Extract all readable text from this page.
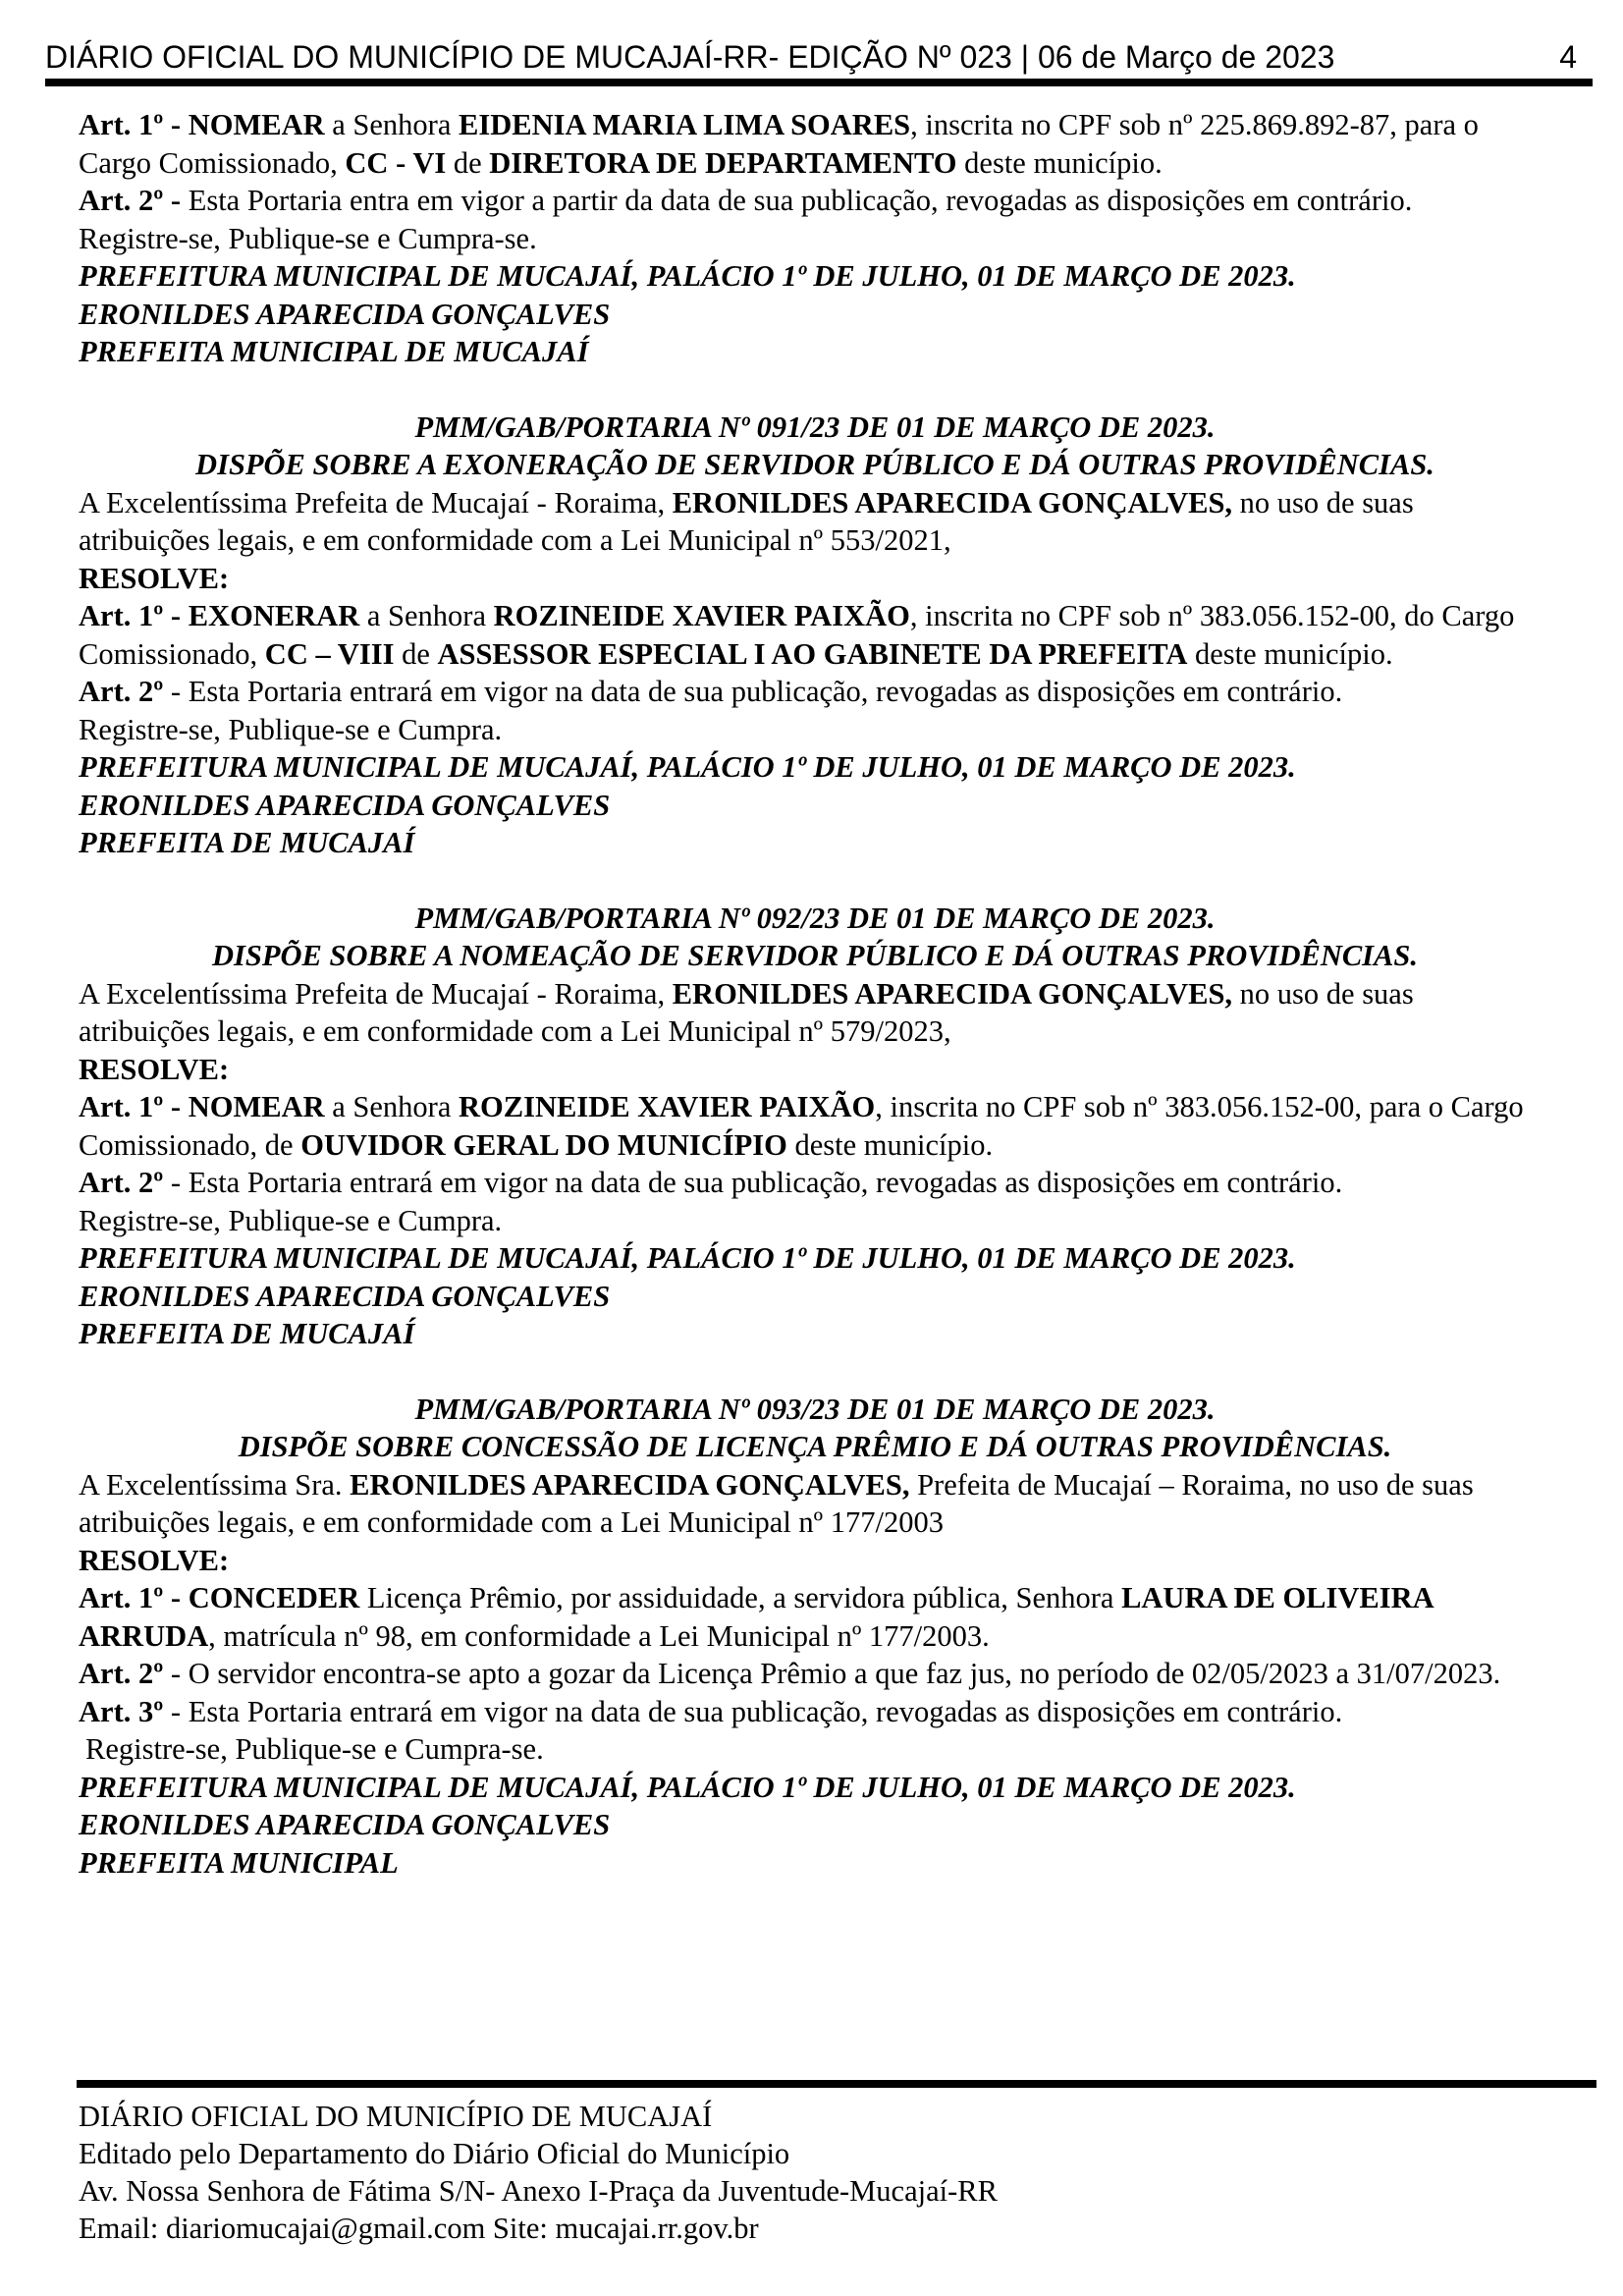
DIÁRIO OFICIAL DO MUNICÍPIO DE MUCAJAÍ-RR- EDIÇÃO Nº 023 | 06 de Março de 2023	4

Art. 1º - NOMEAR a Senhora EIDENIA MARIA LIMA SOARES, inscrita no CPF sob nº 225.869.892-87, para o Cargo Comissionado, CC - VI de DIRETORA DE DEPARTAMENTO deste município.

Art. 2º - Esta Portaria entra em vigor a partir da data de sua publicação, revogadas as disposições em contrário.

Registre-se, Publique-se e Cumpra-se.

PREFEITURA MUNICIPAL DE MUCAJAÍ, PALÁCIO 1º DE JULHO, 01 DE MARÇO DE 2023.

ERONILDES APARECIDA GONÇALVES

PREFEITA MUNICIPAL DE MUCAJAÍ

PMM/GAB/PORTARIA Nº 091/23 DE 01 DE MARÇO DE 2023.

DISPÕE SOBRE A EXONERAÇÃO DE SERVIDOR PÚBLICO E DÁ OUTRAS PROVIDÊNCIAS.

A Excelentíssima Prefeita de Mucajaí - Roraima, ERONILDES APARECIDA GONÇALVES, no uso de suas atribuições legais, e em conformidade com a Lei Municipal nº 553/2021,

RESOLVE:

Art. 1º - EXONERAR a Senhora ROZINEIDE XAVIER PAIXÃO, inscrita no CPF sob nº 383.056.152-00, do Cargo Comissionado, CC – VIII de ASSESSOR ESPECIAL I AO GABINETE DA PREFEITA deste município.

Art. 2º - Esta Portaria entrará em vigor na data de sua publicação, revogadas as disposições em contrário.

Registre-se, Publique-se e Cumpra.

PREFEITURA MUNICIPAL DE MUCAJAÍ, PALÁCIO 1º DE JULHO, 01 DE MARÇO DE 2023.

ERONILDES APARECIDA GONÇALVES

PREFEITA DE MUCAJAÍ

PMM/GAB/PORTARIA Nº 092/23 DE 01 DE MARÇO DE 2023.

DISPÕE SOBRE A NOMEAÇÃO DE SERVIDOR PÚBLICO E DÁ OUTRAS PROVIDÊNCIAS.

A Excelentíssima Prefeita de Mucajaí - Roraima, ERONILDES APARECIDA GONÇALVES, no uso de suas atribuições legais, e em conformidade com a Lei Municipal nº 579/2023,

RESOLVE:

Art. 1º - NOMEAR a Senhora ROZINEIDE XAVIER PAIXÃO, inscrita no CPF sob nº 383.056.152-00, para o Cargo Comissionado, de OUVIDOR GERAL DO MUNICÍPIO deste município.

Art. 2º - Esta Portaria entrará em vigor na data de sua publicação, revogadas as disposições em contrário.

Registre-se, Publique-se e Cumpra.

PREFEITURA MUNICIPAL DE MUCAJAÍ, PALÁCIO 1º DE JULHO, 01 DE MARÇO DE 2023.

ERONILDES APARECIDA GONÇALVES

PREFEITA DE MUCAJAÍ

PMM/GAB/PORTARIA Nº 093/23 DE 01 DE MARÇO DE 2023.

DISPÕE SOBRE CONCESSÃO DE LICENÇA PRÊMIO E DÁ OUTRAS PROVIDÊNCIAS.

A Excelentíssima Sra. ERONILDES APARECIDA GONÇALVES, Prefeita de Mucajaí – Roraima, no uso de suas atribuições legais, e em conformidade com a Lei Municipal nº 177/2003

RESOLVE:

Art. 1º - CONCEDER Licença Prêmio, por assiduidade, a servidora pública, Senhora LAURA DE OLIVEIRA ARRUDA, matrícula nº 98, em conformidade a Lei Municipal nº 177/2003.

Art. 2º - O servidor encontra-se apto a gozar da Licença Prêmio a que faz jus, no período de 02/05/2023 a 31/07/2023.

Art. 3º - Esta Portaria entrará em vigor na data de sua publicação, revogadas as disposições em contrário.

Registre-se, Publique-se e Cumpra-se.

PREFEITURA MUNICIPAL DE MUCAJAÍ, PALÁCIO 1º DE JULHO, 01 DE MARÇO DE 2023.

ERONILDES APARECIDA GONÇALVES

PREFEITA MUNICIPAL

DIÁRIO OFICIAL DO MUNICÍPIO DE MUCAJAÍ

Editado pelo Departamento do Diário Oficial do Município

Av. Nossa Senhora de Fátima S/N- Anexo I-Praça da Juventude-Mucajaí-RR

Email: diariomucajai@gmail.com Site: mucajai.rr.gov.br
